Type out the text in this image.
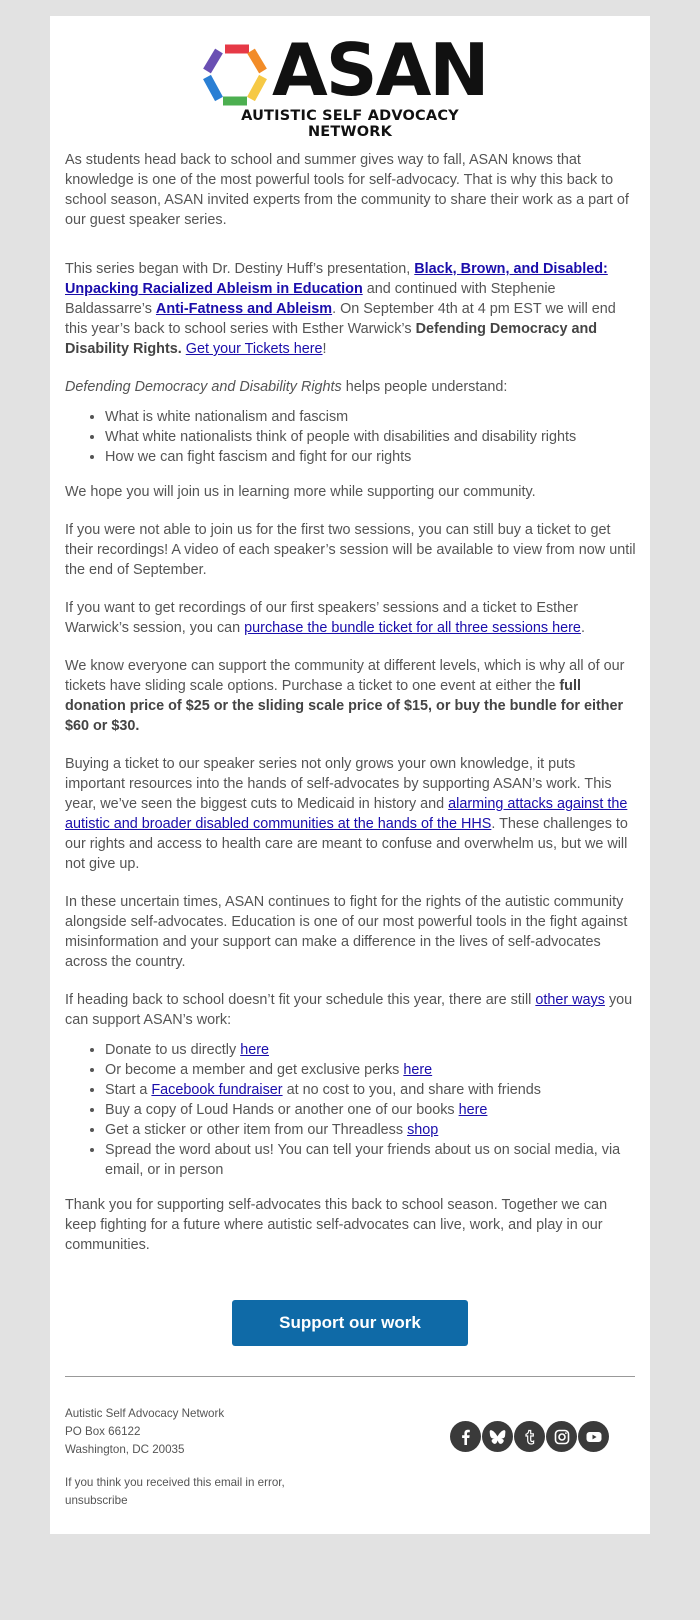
ASAN
AUTISTIC SELF ADVOCACY NETWORK

As students head back to school and summer gives way to fall, ASAN knows that knowledge is one of the most powerful tools for self-advocacy. That is why this back to school season, ASAN invited experts from the community to share their work as a part of our guest speaker series.

This series began with Dr. Destiny Huff’s presentation, Black, Brown, and Disabled: Unpacking Racialized Ableism in Education and continued with Stephenie Baldassarre’s Anti-Fatness and Ableism. On September 4th at 4 pm EST we will end this year’s back to school series with Esther Warwick’s Defending Democracy and Disability Rights. Get your Tickets here!

Defending Democracy and Disability Rights helps people understand:

• What is white nationalism and fascism
• What white nationalists think of people with disabilities and disability rights
• How we can fight fascism and fight for our rights

We hope you will join us in learning more while supporting our community.

If you were not able to join us for the first two sessions, you can still buy a ticket to get their recordings! A video of each speaker’s session will be available to view from now until the end of September.

If you want to get recordings of our first speakers’ sessions and a ticket to Esther Warwick’s session, you can purchase the bundle ticket for all three sessions here.

We know everyone can support the community at different levels, which is why all of our tickets have sliding scale options. Purchase a ticket to one event at either the full donation price of $25 or the sliding scale price of $15, or buy the bundle for either $60 or $30.

Buying a ticket to our speaker series not only grows your own knowledge, it puts important resources into the hands of self-advocates by supporting ASAN’s work. This year, we’ve seen the biggest cuts to Medicaid in history and alarming attacks against the autistic and broader disabled communities at the hands of the HHS. These challenges to our rights and access to health care are meant to confuse and overwhelm us, but we will not give up.

In these uncertain times, ASAN continues to fight for the rights of the autistic community alongside self-advocates. Education is one of our most powerful tools in the fight against misinformation and your support can make a difference in the lives of self-advocates across the country.

If heading back to school doesn’t fit your schedule this year, there are still other ways you can support ASAN’s work:

• Donate to us directly here
• Or become a member and get exclusive perks here
• Start a Facebook fundraiser at no cost to you, and share with friends
• Buy a copy of Loud Hands or another one of our books here
• Get a sticker or other item from our Threadless shop
• Spread the word about us! You can tell your friends about us on social media, via email, or in person

Thank you for supporting self-advocates this back to school season. Together we can keep fighting for a future where autistic self-advocates can live, work, and play in our communities.

Support our work
Autistic Self Advocacy Network
PO Box 66122
Washington, DC 20035
If you think you received this email in error,
unsubscribe
